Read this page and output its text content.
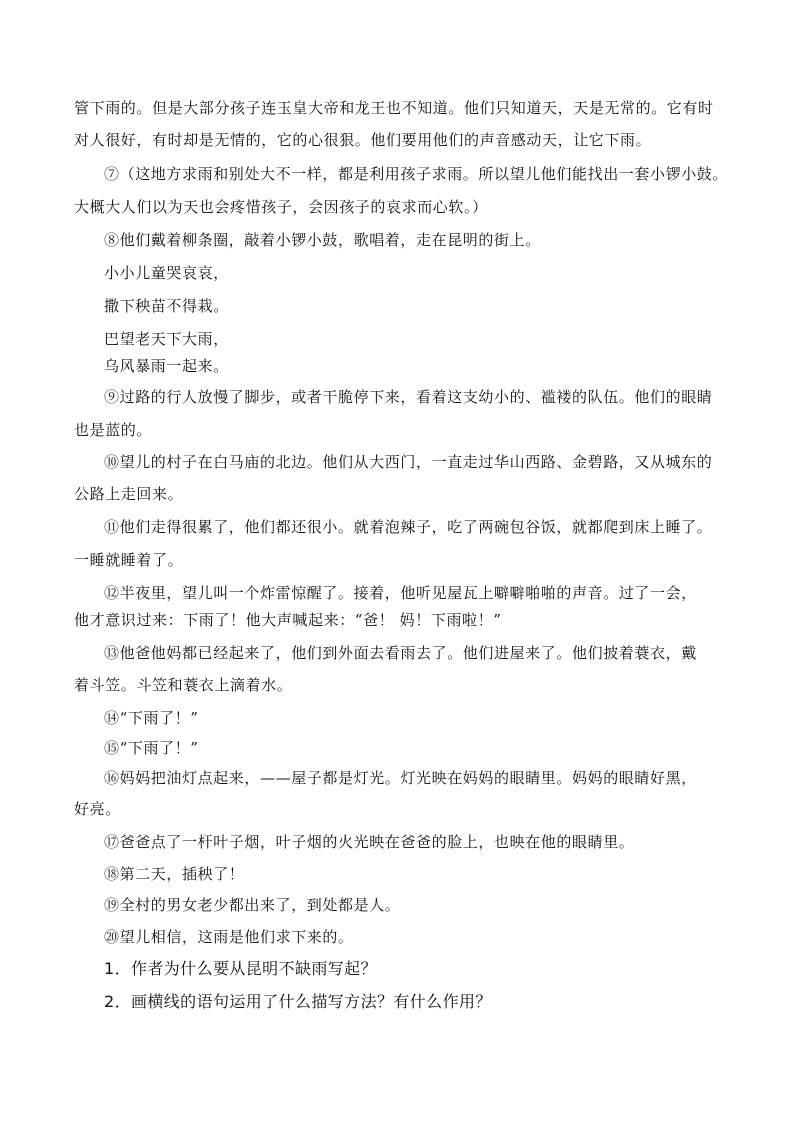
管下雨的。但是大部分孩子连玉皇大帝和龙王也不知道。他们只知道天，天是无常的。它有时
对人很好，有时却是无情的，它的心很狠。他们要用他们的声音感动天，让它下雨。
⑦（这地方求雨和别处大不一样，都是利用孩子求雨。所以望儿他们能找出一套小锣小鼓。
大概大人们以为天也会疼惜孩子，会因孩子的哀求而心软。）
⑧他们戴着柳条圈，敲着小锣小鼓，歌唱着，走在昆明的街上。
小小儿童哭哀哀，
撒下秧苗不得栽。
巴望老天下大雨，
乌风暴雨一起来。
⑨过路的行人放慢了脚步，或者干脆停下来，看着这支幼小的、褴褛的队伍。他们的眼睛
也是蓝的。
⑩望儿的村子在白马庙的北边。他们从大西门，一直走过华山西路、金碧路，又从城东的
公路上走回来。
⑪他们走得很累了，他们都还很小。就着泡辣子，吃了两碗包谷饭，就都爬到床上睡了。
一睡就睡着了。
⑫半夜里，望儿叫一个炸雷惊醒了。接着，他听见屋瓦上噼噼啪啪的声音。过了一会，
他才意识过来：下雨了！他大声喊起来：“爸！ 妈！下雨啦！”
⑬他爸他妈都已经起来了，他们到外面去看雨去了。他们进屋来了。他们披着蓑衣，戴
着斗笠。斗笠和蓑衣上滴着水。
⑭“下雨了！”
⑮“下雨了！”
⑯妈妈把油灯点起来，——屋子都是灯光。灯光映在妈妈的眼睛里。妈妈的眼睛好黑，
好亮。
⑰爸爸点了一杆叶子烟，叶子烟的火光映在爸爸的脸上，也映在他的眼睛里。
⑱第二天，插秧了！
⑲全村的男女老少都出来了，到处都是人。
⑳望儿相信，这雨是他们求下来的。
1．作者为什么要从昆明不缺雨写起？
2．画横线的语句运用了什么描写方法？有什么作用？
